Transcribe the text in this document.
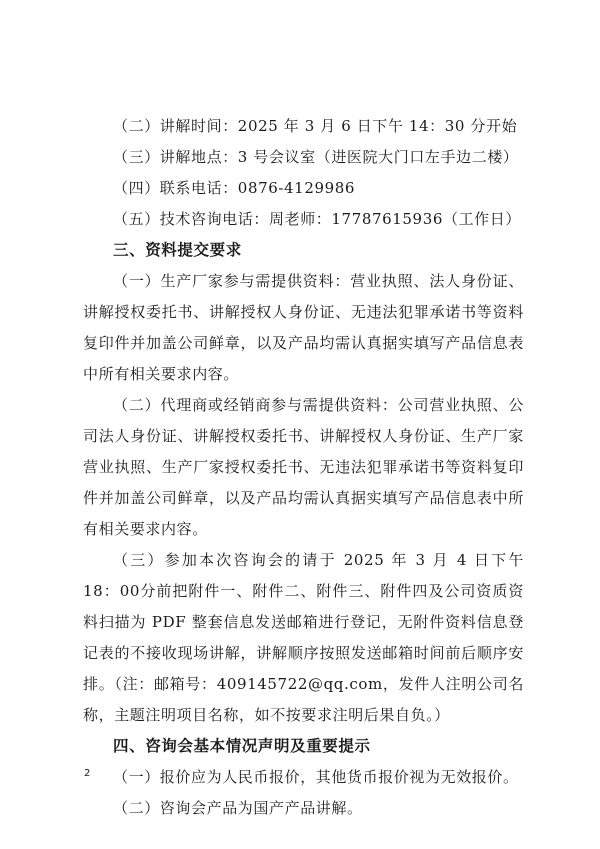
（二）讲解时间：2025 年 3 月 6 日下午 14：30 分开始

（三）讲解地点：3 号会议室（进医院大门口左手边二楼）

（四）联系电话：0876-4129986

（五）技术咨询电话：周老师：17787615936（工作日）

三、资料提交要求

（一）生产厂家参与需提供资料：营业执照、法人身份证、讲解授权委托书、讲解授权人身份证、无违法犯罪承诺书等资料复印件并加盖公司鲜章，以及产品均需认真据实填写产品信息表中所有相关要求内容。

（二）代理商或经销商参与需提供资料：公司营业执照、公司法人身份证、讲解授权委托书、讲解授权人身份证、生产厂家营业执照、生产厂家授权委托书、无违法犯罪承诺书等资料复印件并加盖公司鲜章，以及产品均需认真据实填写产品信息表中所有相关要求内容。

（三）参加本次咨询会的请于 2025 年 3 月 4 日下午 18：00分前把附件一、附件二、附件三、附件四及公司资质资料扫描为 PDF 整套信息发送邮箱进行登记，无附件资料信息登记表的不接收现场讲解，讲解顺序按照发送邮箱时间前后顺序安排。（注：邮箱号：409145722@qq.com，发件人注明公司名称，主题注明项目名称，如不按要求注明后果自负。）

四、咨询会基本情况声明及重要提示

（一）报价应为人民币报价，其他货币报价视为无效报价。

（二）咨询会产品为国产产品讲解。

2
